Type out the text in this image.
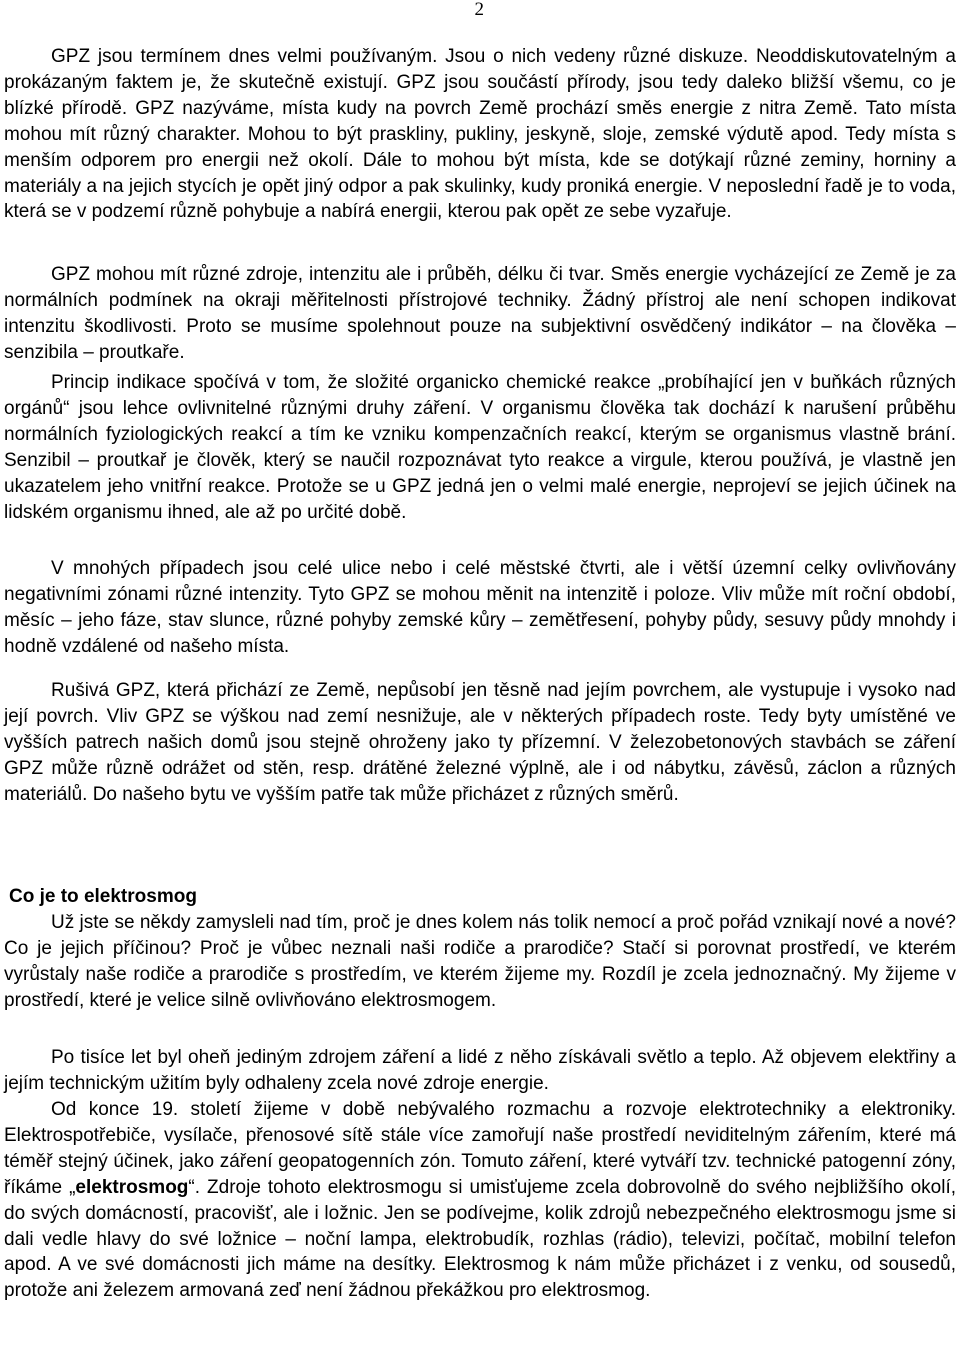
2

GPZ jsou termínem dnes velmi používaným. Jsou o nich vedeny různé diskuze. Neoddiskutovatelným a prokázaným faktem je, že skutečně existují. GPZ jsou součástí přírody, jsou tedy daleko bližší všemu, co je blízké přírodě. GPZ nazýváme, místa kudy na povrch Země prochází směs energie z nitra Země. Tato místa mohou mít různý charakter. Mohou to být praskliny, pukliny, jeskyně, sloje, zemské výdutě apod. Tedy místa s menším odporem pro energii než okolí. Dále to mohou být místa, kde se dotýkají různé zeminy, horniny a materiály a na jejich stycích je opět jiný odpor a pak skulinky, kudy proniká energie. V neposlední řadě je to voda, která se v podzemí různě pohybuje a nabírá energii, kterou pak opět ze sebe vyzařuje.

GPZ mohou mít různé zdroje, intenzitu ale i průběh, délku či tvar. Směs energie vycházející ze Země je za normálních podmínek na okraji měřitelnosti přístrojové techniky. Žádný přístroj ale není schopen indikovat intenzitu škodlivosti. Proto se musíme spolehnout pouze na subjektivní osvědčený indikátor – na člověka – senzibila – proutkaře.

Princip indikace spočívá v tom, že složité organicko chemické reakce „probíhající jen v buňkách různých orgánů“ jsou lehce ovlivnitelné různými druhy záření. V organismu člověka tak dochází k narušení průběhu normálních fyziologických reakcí a tím ke vzniku kompenzačních reakcí, kterým se organismus vlastně brání. Senzibil – proutkař je člověk, který se naučil rozpoznávat tyto reakce a virgule, kterou používá, je vlastně jen ukazatelem jeho vnitřní reakce. Protože se u GPZ jedná jen o velmi malé energie, neprojeví se jejich účinek na lidském organismu ihned, ale až po určité době.

V mnohých případech jsou celé ulice nebo i celé městské čtvrti, ale i větší územní celky ovlivňovány negativními zónami různé intenzity. Tyto GPZ se mohou měnit na intenzitě i poloze. Vliv může mít roční období, měsíc – jeho fáze, stav slunce, různé pohyby zemské kůry – zemětřesení, pohyby půdy, sesuvy půdy mnohdy i hodně vzdálené od našeho místa.

Rušivá GPZ, která přichází ze Země, nepůsobí jen těsně nad jejím povrchem, ale vystupuje i vysoko nad její povrch. Vliv GPZ se výškou nad zemí nesnižuje, ale v některých případech roste. Tedy byty umístěné ve vyšších patrech našich domů jsou stejně ohroženy jako ty přízemní. V železobetonových stavbách se záření GPZ může různě odrážet od stěn, resp. drátěné železné výplně, ale i od nábytku, závěsů, záclon a různých materiálů. Do našeho bytu ve vyšším patře tak může přicházet z různých směrů.

Co je to elektrosmog

Už jste se někdy zamysleli nad tím, proč je dnes kolem nás tolik nemocí a proč pořád vznikají nové a nové? Co je jejich příčinou? Proč je vůbec neznali naši rodiče a prarodiče? Stačí si porovnat prostředí, ve kterém vyrůstaly naše rodiče a prarodiče s prostředím, ve kterém žijeme my. Rozdíl je zcela jednoznačný. My žijeme v prostředí, které je velice silně ovlivňováno elektrosmogem.

Po tisíce let byl oheň jediným zdrojem záření a lidé z něho získávali světlo a teplo. Až objevem elektřiny a jejím technickým užitím byly odhaleny zcela nové zdroje energie.

Od konce 19. století žijeme v době nebývalého rozmachu a rozvoje elektrotechniky a elektroniky. Elektrospotřebiče, vysílače, přenosové sítě stále více zamořují naše prostředí neviditelným zářením, které má téměř stejný účinek, jako záření geopatogenních zón. Tomuto záření, které vytváří tzv. technické patogenní zóny, říkáme „elektrosmog“. Zdroje tohoto elektrosmogu si umisťujeme zcela dobrovolně do svého nejbližšího okolí, do svých domácností, pracovišť, ale i ložnic. Jen se podívejme, kolik zdrojů nebezpečného elektrosmogu jsme si dali vedle hlavy do své ložnice – noční lampa, elektrobudík, rozhlas (rádio), televizi, počítač, mobilní telefon apod. A ve své domácnosti jich máme na desítky. Elektrosmog k nám může přicházet i z venku, od sousedů, protože ani železem armovaná zeď není žádnou překážkou pro elektrosmog.
